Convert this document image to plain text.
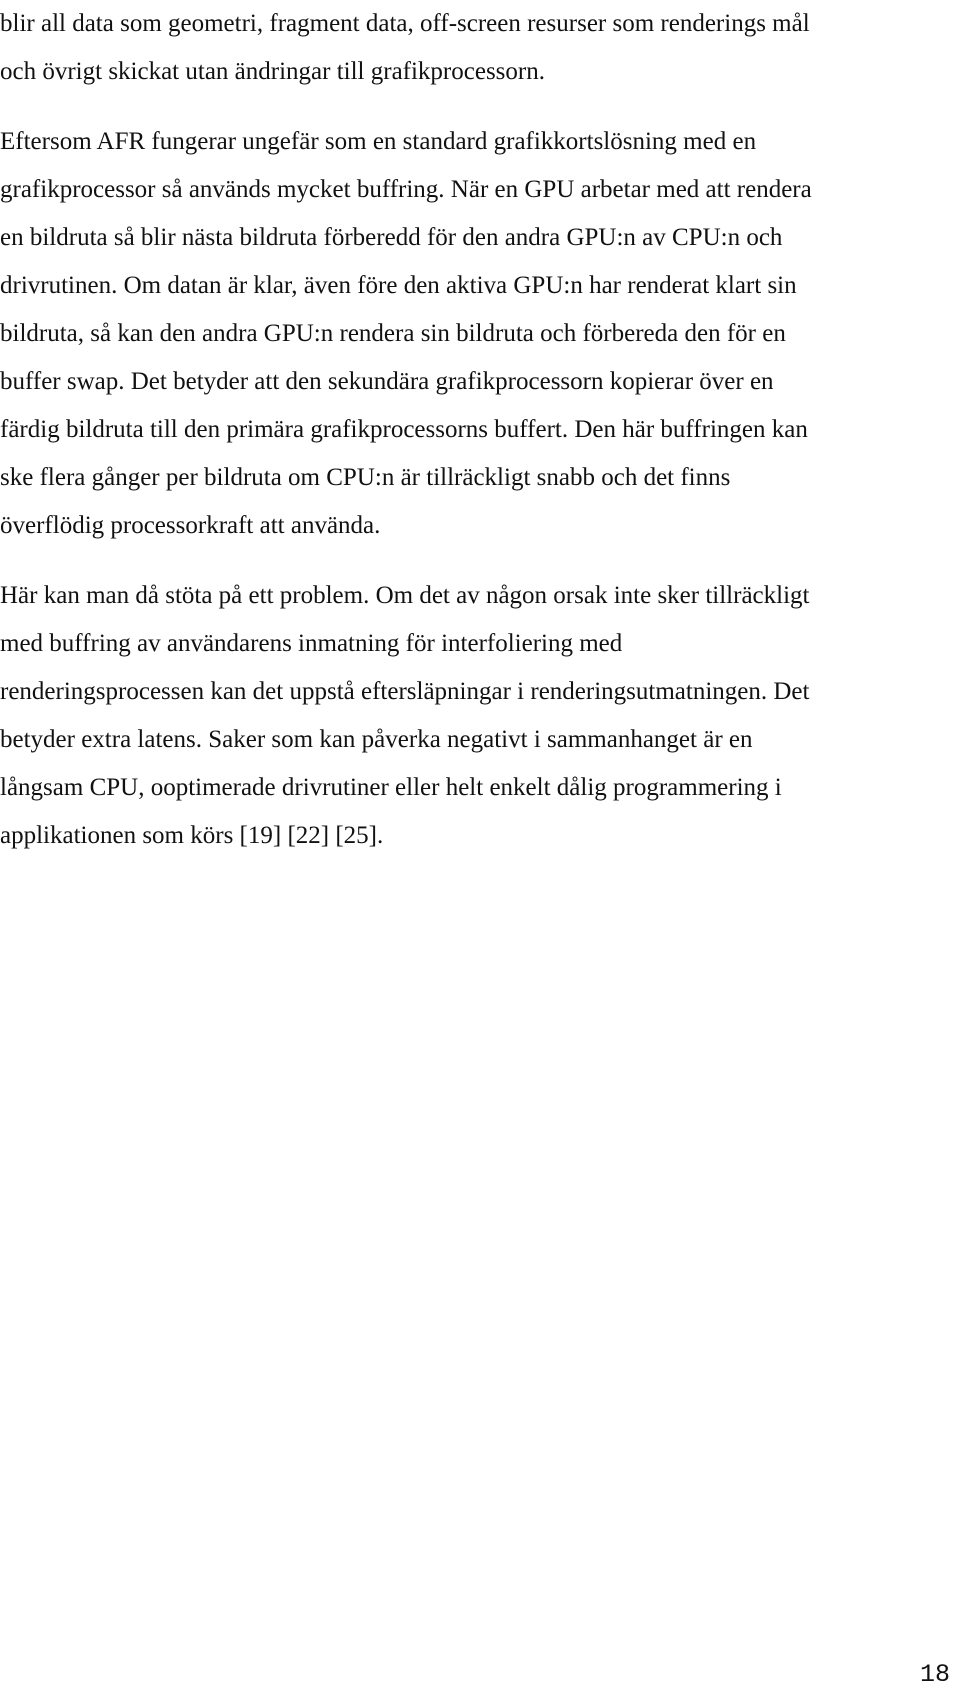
blir all data som geometri, fragment data, off-screen resurser som renderings mål
och övrigt skickat utan ändringar till grafikprocessorn.
Eftersom AFR fungerar ungefär som en standard grafikkortslösning med en
grafikprocessor så används mycket buffring. När en GPU arbetar med att rendera
en bildruta så blir nästa bildruta förberedd för den andra GPU:n av CPU:n och
drivrutinen. Om datan är klar, även före den aktiva GPU:n har renderat klart sin
bildruta, så kan den andra GPU:n rendera sin bildruta och förbereda den för en
buffer swap. Det betyder att den sekundära grafikprocessorn kopierar över en
färdig bildruta till den primära grafikprocessorns buffert. Den här buffringen kan
ske flera gånger per bildruta om CPU:n är tillräckligt snabb och det finns
överflödig processorkraft att använda.
Här kan man då stöta på ett problem. Om det av någon orsak inte sker tillräckligt
med buffring av användarens inmatning för interfoliering med
renderingsprocessen kan det uppstå eftersläpningar i renderingsutmatningen. Det
betyder extra latens. Saker som kan påverka negativt i sammanhanget är en
långsam CPU, ooptimerade drivrutiner eller helt enkelt dålig programmering i
applikationen som körs [19] [22] [25].
18
